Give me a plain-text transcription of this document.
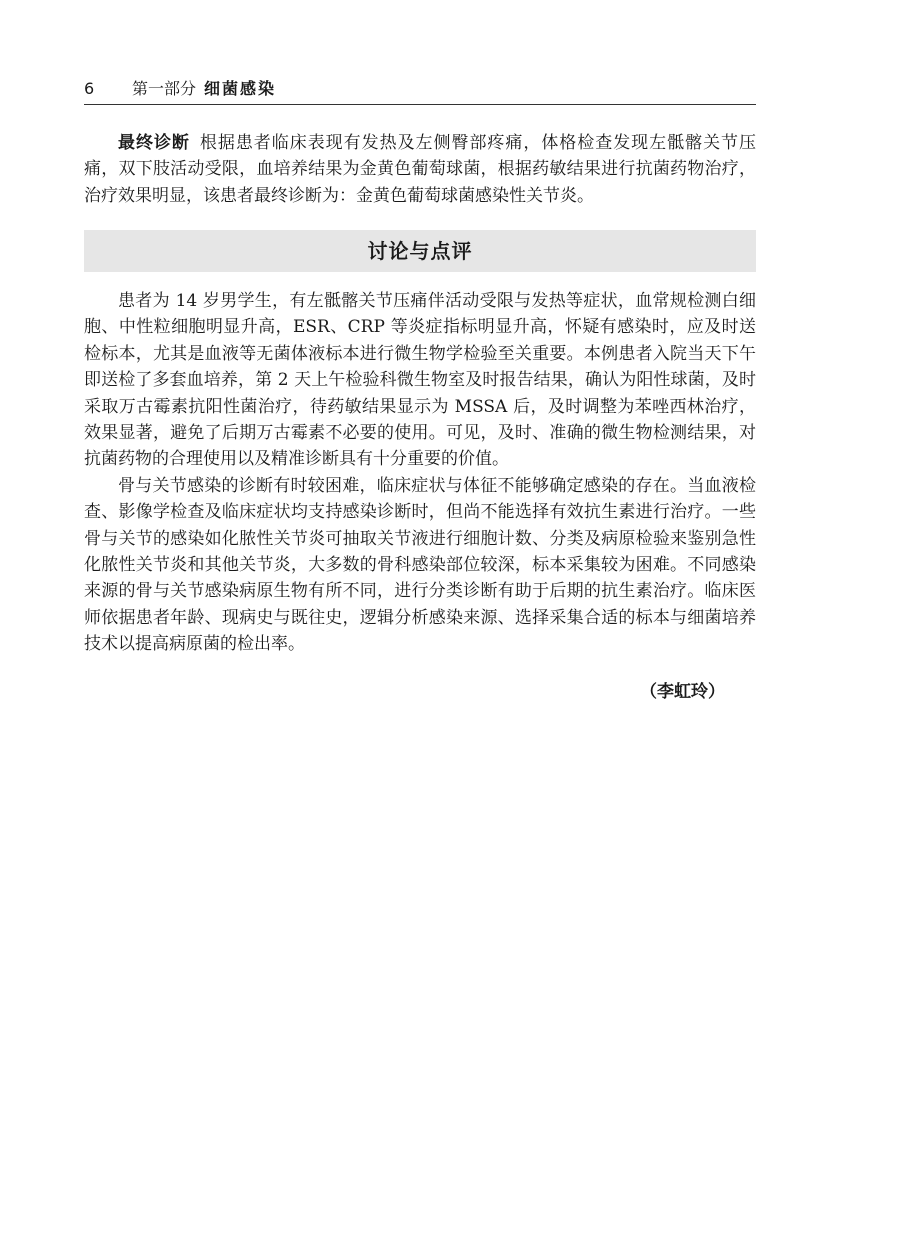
6 第一部分 细菌感染

最终诊断 根据患者临床表现有发热及左侧臀部疼痛，体格检查发现左骶髂关节压痛，双下肢活动受限，血培养结果为金黄色葡萄球菌，根据药敏结果进行抗菌药物治疗，治疗效果明显，该患者最终诊断为：金黄色葡萄球菌感染性关节炎。

讨论与点评

患者为 14 岁男学生，有左骶髂关节压痛伴活动受限与发热等症状，血常规检测白细胞、中性粒细胞明显升高，ESR、CRP 等炎症指标明显升高，怀疑有感染时，应及时送检标本，尤其是血液等无菌体液标本进行微生物学检验至关重要。本例患者入院当天下午即送检了多套血培养，第 2 天上午检验科微生物室及时报告结果，确认为阳性球菌，及时采取万古霉素抗阳性菌治疗，待药敏结果显示为 MSSA 后，及时调整为苯唑西林治疗，效果显著，避免了后期万古霉素不必要的使用。可见，及时、准确的微生物检测结果，对抗菌药物的合理使用以及精准诊断具有十分重要的价值。

骨与关节感染的诊断有时较困难，临床症状与体征不能够确定感染的存在。当血液检查、影像学检查及临床症状均支持感染诊断时，但尚不能选择有效抗生素进行治疗。一些骨与关节的感染如化脓性关节炎可抽取关节液进行细胞计数、分类及病原检验来鉴别急性化脓性关节炎和其他关节炎，大多数的骨科感染部位较深，标本采集较为困难。不同感染来源的骨与关节感染病原生物有所不同，进行分类诊断有助于后期的抗生素治疗。临床医师依据患者年龄、现病史与既往史，逻辑分析感染来源、选择采集合适的标本与细菌培养技术以提高病原菌的检出率。

（李虹玲）
